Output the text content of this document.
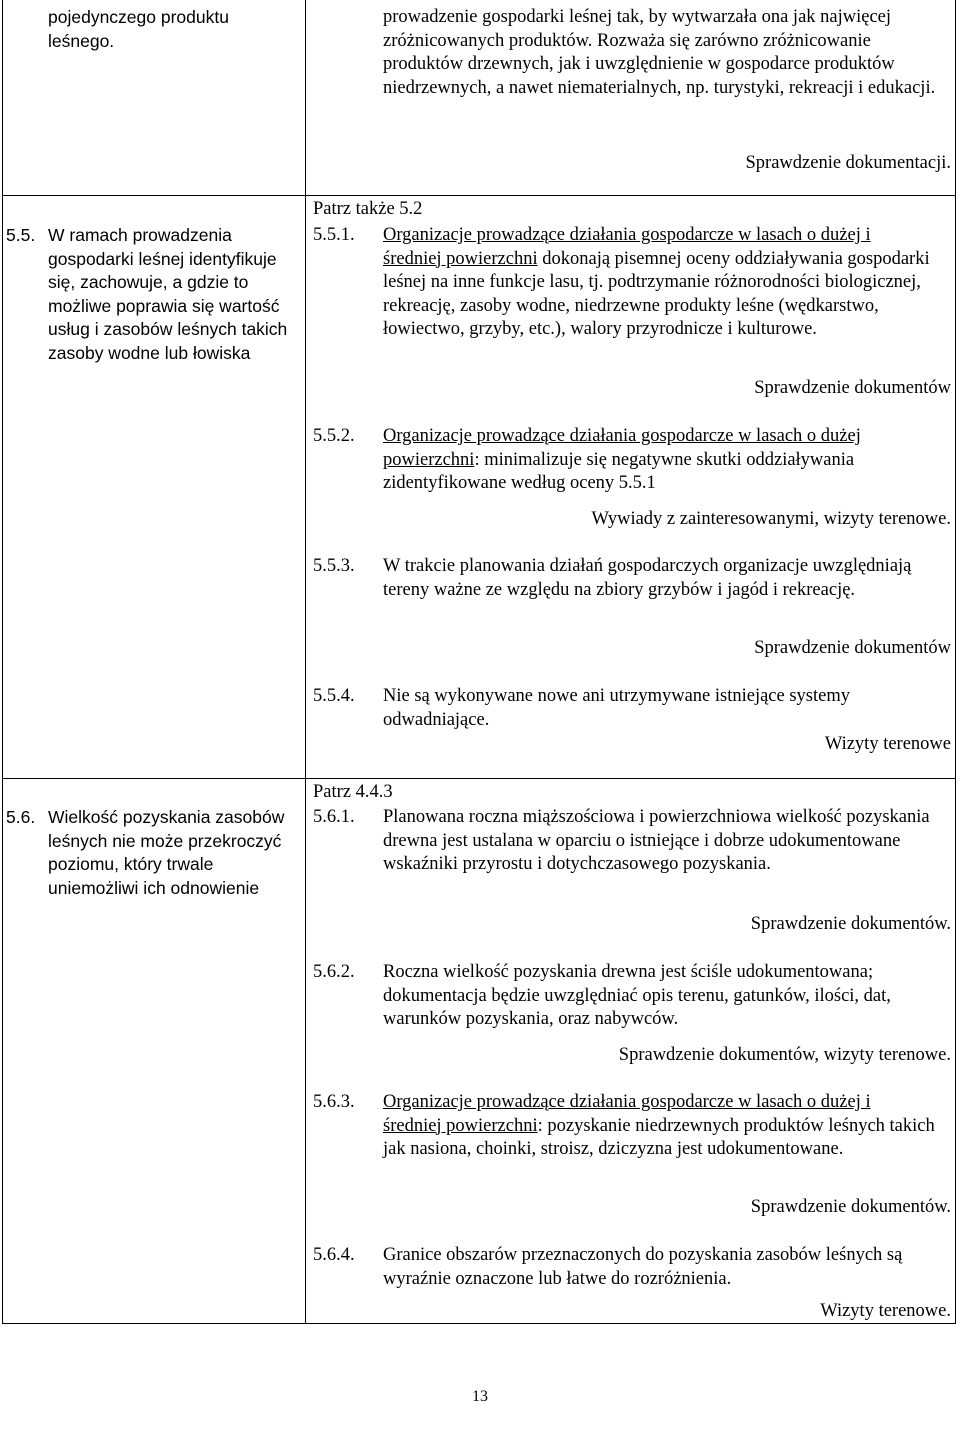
pojedynczego produktu leśnego.
prowadzenie gospodarki leśnej tak, by wytwarzała ona jak najwięcej zróżnicowanych produktów. Rozważa się zarówno zróżnicowanie produktów drzewnych, jak i uwzględnienie w gospodarce produktów niedrzewnych, a nawet niematerialnych, np. turystyki, rekreacji i edukacji.
Sprawdzenie dokumentacji.
5.5. W ramach prowadzenia gospodarki leśnej identyfikuje się, zachowuje, a gdzie to możliwe poprawia się wartość usług i zasobów leśnych takich zasoby wodne lub łowiska
Patrz także 5.2
5.5.1. Organizacje prowadzące działania gospodarcze w lasach o dużej i
średniej powierzchni dokonają pisemnej oceny oddziaływania gospodarki leśnej na inne funkcje lasu, tj. podtrzymanie różnorodności biologicznej, rekreację, zasoby wodne, niedrzewne produkty leśne (wędkarstwo, łowiectwo, grzyby, etc.), walory przyrodnicze i kulturowe.
Sprawdzenie dokumentów
5.5.2. Organizacje prowadzące działania gospodarcze w lasach o dużej
powierzchni: minimalizuje się negatywne skutki oddziaływania zidentyfikowane według oceny 5.5.1
Wywiady z zainteresowanymi, wizyty terenowe.
5.5.3. W trakcie planowania działań gospodarczych organizacje uwzględniają tereny ważne ze względu na zbiory grzybów i jagód i rekreację.
Sprawdzenie dokumentów
5.5.4. Nie są wykonywane nowe ani utrzymywane istniejące systemy odwadniające.
Wizyty terenowe
5.6. Wielkość pozyskania zasobów leśnych nie może przekroczyć poziomu, który trwale uniemożliwi ich odnowienie
Patrz 4.4.3
5.6.1. Planowana roczna miąższościowa i powierzchniowa wielkość pozyskania drewna jest ustalana w oparciu o istniejące i dobrze udokumentowane wskaźniki przyrostu i dotychczasowego pozyskania.
Sprawdzenie dokumentów.
5.6.2. Roczna wielkość pozyskania drewna jest ściśle udokumentowana; dokumentacja będzie uwzględniać opis terenu, gatunków, ilości, dat, warunków pozyskania, oraz nabywców.
Sprawdzenie dokumentów, wizyty terenowe.
5.6.3. Organizacje prowadzące działania gospodarcze w lasach o dużej i
średniej powierzchni: pozyskanie niedrzewnych produktów leśnych takich jak nasiona, choinki, stroisz, dziczyzna jest udokumentowane.
Sprawdzenie dokumentów.
5.6.4. Granice obszarów przeznaczonych do pozyskania zasobów leśnych są wyraźnie oznaczone lub łatwe do rozróżnienia.
Wizyty terenowe.
13
